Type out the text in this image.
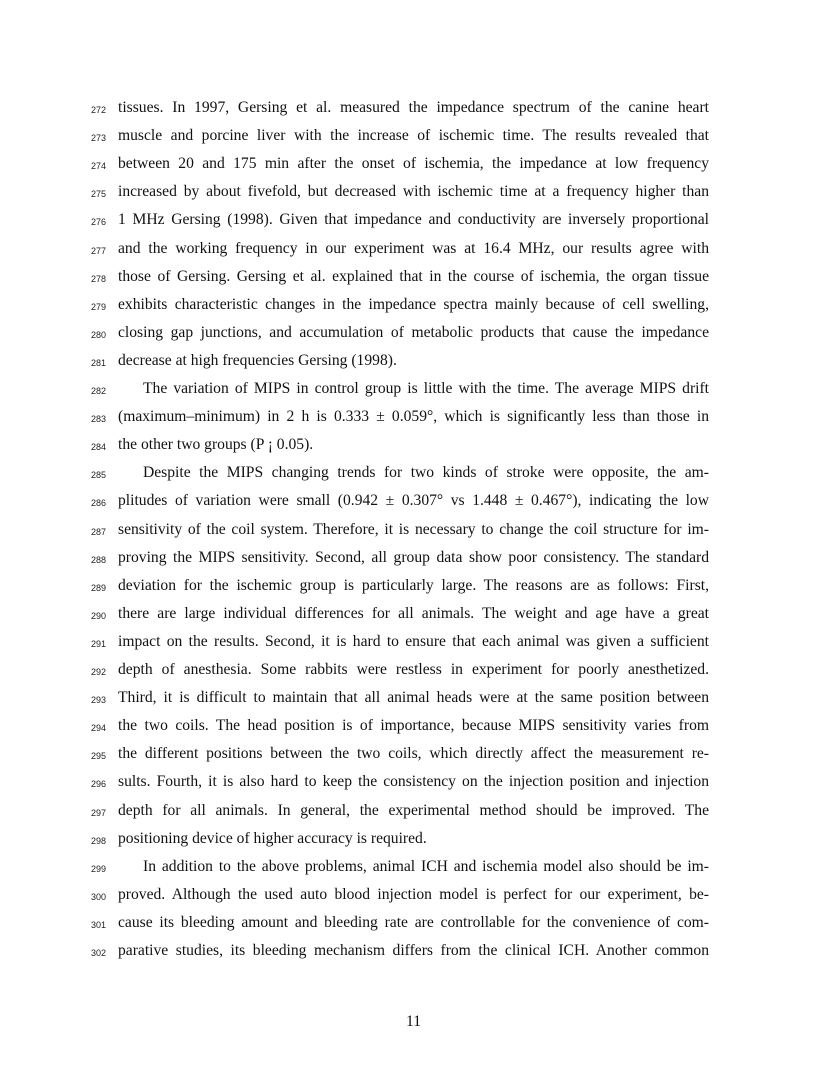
272 tissues. In 1997, Gersing et al. measured the impedance spectrum of the canine heart
273 muscle and porcine liver with the increase of ischemic time. The results revealed that
274 between 20 and 175 min after the onset of ischemia, the impedance at low frequency
275 increased by about fivefold, but decreased with ischemic time at a frequency higher than
276 1 MHz Gersing (1998). Given that impedance and conductivity are inversely proportional
277 and the working frequency in our experiment was at 16.4 MHz, our results agree with
278 those of Gersing. Gersing et al. explained that in the course of ischemia, the organ tissue
279 exhibits characteristic changes in the impedance spectra mainly because of cell swelling,
280 closing gap junctions, and accumulation of metabolic products that cause the impedance
281 decrease at high frequencies Gersing (1998).
282 The variation of MIPS in control group is little with the time. The average MIPS drift
283 (maximum–minimum) in 2 h is 0.333 ± 0.059°, which is significantly less than those in
284 the other two groups (P ¡ 0.05).
285 Despite the MIPS changing trends for two kinds of stroke were opposite, the am-
286 plitudes of variation were small (0.942 ± 0.307° vs 1.448 ± 0.467°), indicating the low
287 sensitivity of the coil system. Therefore, it is necessary to change the coil structure for im-
288 proving the MIPS sensitivity. Second, all group data show poor consistency. The standard
289 deviation for the ischemic group is particularly large. The reasons are as follows: First,
290 there are large individual differences for all animals. The weight and age have a great
291 impact on the results. Second, it is hard to ensure that each animal was given a sufficient
292 depth of anesthesia. Some rabbits were restless in experiment for poorly anesthetized.
293 Third, it is difficult to maintain that all animal heads were at the same position between
294 the two coils. The head position is of importance, because MIPS sensitivity varies from
295 the different positions between the two coils, which directly affect the measurement re-
296 sults. Fourth, it is also hard to keep the consistency on the injection position and injection
297 depth for all animals. In general, the experimental method should be improved. The
298 positioning device of higher accuracy is required.
299 In addition to the above problems, animal ICH and ischemia model also should be im-
300 proved. Although the used auto blood injection model is perfect for our experiment, be-
301 cause its bleeding amount and bleeding rate are controllable for the convenience of com-
302 parative studies, its bleeding mechanism differs from the clinical ICH. Another common
11
